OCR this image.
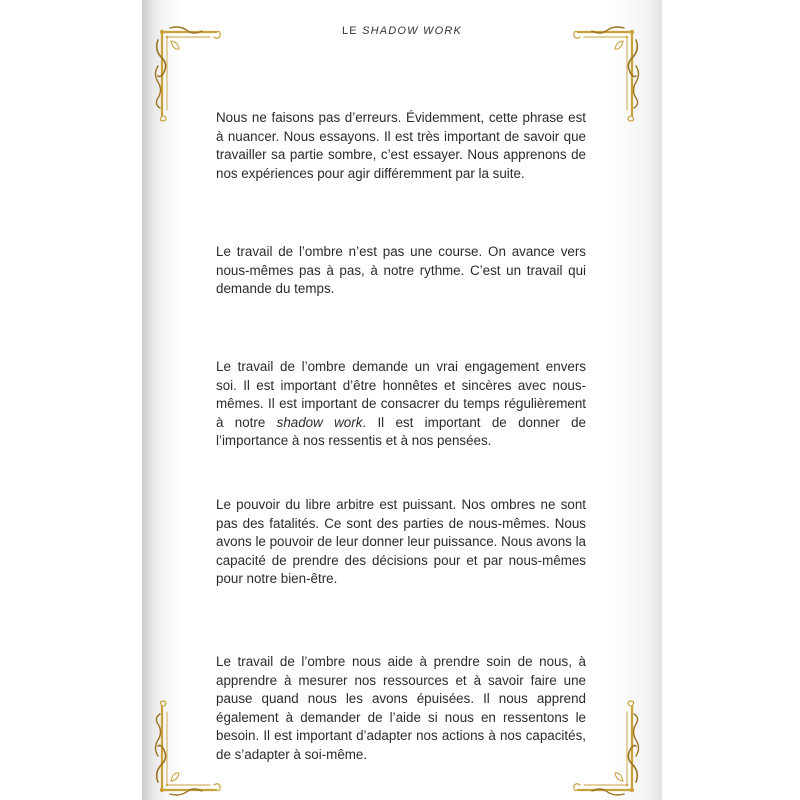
LE SHADOW WORK

Nous ne faisons pas d’erreurs. Évidemment, cette phrase est à nuancer. Nous essayons. Il est très important de savoir que travailler sa partie sombre, c’est essayer. Nous apprenons de nos expériences pour agir différemment par la suite.

Le travail de l’ombre n’est pas une course. On avance vers nous-mêmes pas à pas, à notre rythme. C’est un travail qui demande du temps.

Le travail de l’ombre demande un vrai engagement envers soi. Il est important d’être honnêtes et sincères avec nous-mêmes. Il est important de consacrer du temps régulièrement à notre shadow work. Il est important de donner de l’importance à nos ressentis et à nos pensées.

Le pouvoir du libre arbitre est puissant. Nos ombres ne sont pas des fatalités. Ce sont des parties de nous-mêmes. Nous avons le pouvoir de leur donner leur puissance. Nous avons la capacité de prendre des décisions pour et par nous-mêmes pour notre bien-être.

Le travail de l’ombre nous aide à prendre soin de nous, à apprendre à mesurer nos ressources et à savoir faire une pause quand nous les avons épuisées. Il nous apprend également à demander de l’aide si nous en ressentons le besoin. Il est important d’adapter nos actions à nos capacités, de s’adapter à soi-même.
